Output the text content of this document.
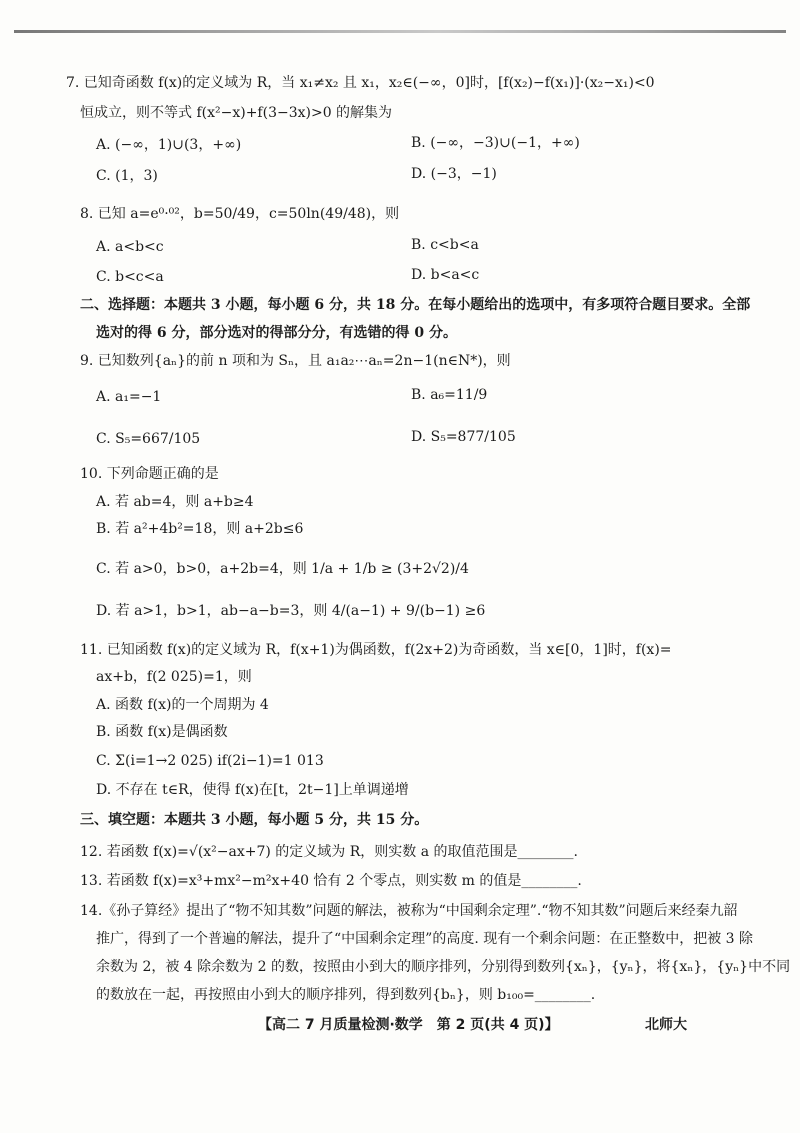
7. 已知奇函数 f(x)的定义域为 R，当 x₁≠x₂ 且 x₁，x₂∈(−∞，0]时，[f(x₂)−f(x₁)]·(x₂−x₁)<0
恒成立，则不等式 f(x²−x)+f(3−3x)>0 的解集为
A. (−∞，1)∪(3，+∞)	B. (−∞，−3)∪(−1，+∞)
C. (1，3)	D. (−3，−1)
8. 已知 a=e⁰·⁰²，b=50/49，c=50ln(49/48)，则
A. a<b<c	B. c<b<a
C. b<c<a	D. b<a<c
二、选择题：本题共 3 小题，每小题 6 分，共 18 分。在每小题给出的选项中，有多项符合题目要求。全部
选对的得 6 分，部分选对的得部分分，有选错的得 0 分。
9. 已知数列{aₙ}的前 n 项和为 Sₙ，且 a₁a₂⋯aₙ=2n−1(n∈N*)，则
A. a₁=−1	B. a₆=11/9
C. S₅=667/105	D. S₅=877/105
10. 下列命题正确的是
A. 若 ab=4，则 a+b≥4
B. 若 a²+4b²=18，则 a+2b≤6
C. 若 a>0，b>0，a+2b=4，则 1/a + 1/b ≥ (3+2√2)/4
D. 若 a>1，b>1，ab−a−b=3，则 4/(a−1) + 9/(b−1) ≥6
11. 已知函数 f(x)的定义域为 R，f(x+1)为偶函数，f(2x+2)为奇函数，当 x∈[0，1]时，f(x)=
ax+b，f(2 025)=1，则
A. 函数 f(x)的一个周期为 4
B. 函数 f(x)是偶函数
C. Σ(i=1→2 025) if(2i−1)=1 013
D. 不存在 t∈R，使得 f(x)在[t，2t−1]上单调递增
三、填空题：本题共 3 小题，每小题 5 分，共 15 分。
12. 若函数 f(x)=√(x²−ax+7) 的定义域为 R，则实数 a 的取值范围是________.
13. 若函数 f(x)=x³+mx²−m²x+40 恰有 2 个零点，则实数 m 的值是________.
14.《孙子算经》提出了“物不知其数”问题的解法，被称为“中国剩余定理”.“物不知其数”问题后来经秦九韶
推广，得到了一个普遍的解法，提升了“中国剩余定理”的高度. 现有一个剩余问题：在正整数中，把被 3 除
余数为 2，被 4 除余数为 2 的数，按照由小到大的顺序排列，分别得到数列{xₙ}，{yₙ}，将{xₙ}，{yₙ}中不同
的数放在一起，再按照由小到大的顺序排列，得到数列{bₙ}，则 b₁₀₀=________.
【高二 7 月质量检测·数学　第 2 页(共 4 页)】	北师大
